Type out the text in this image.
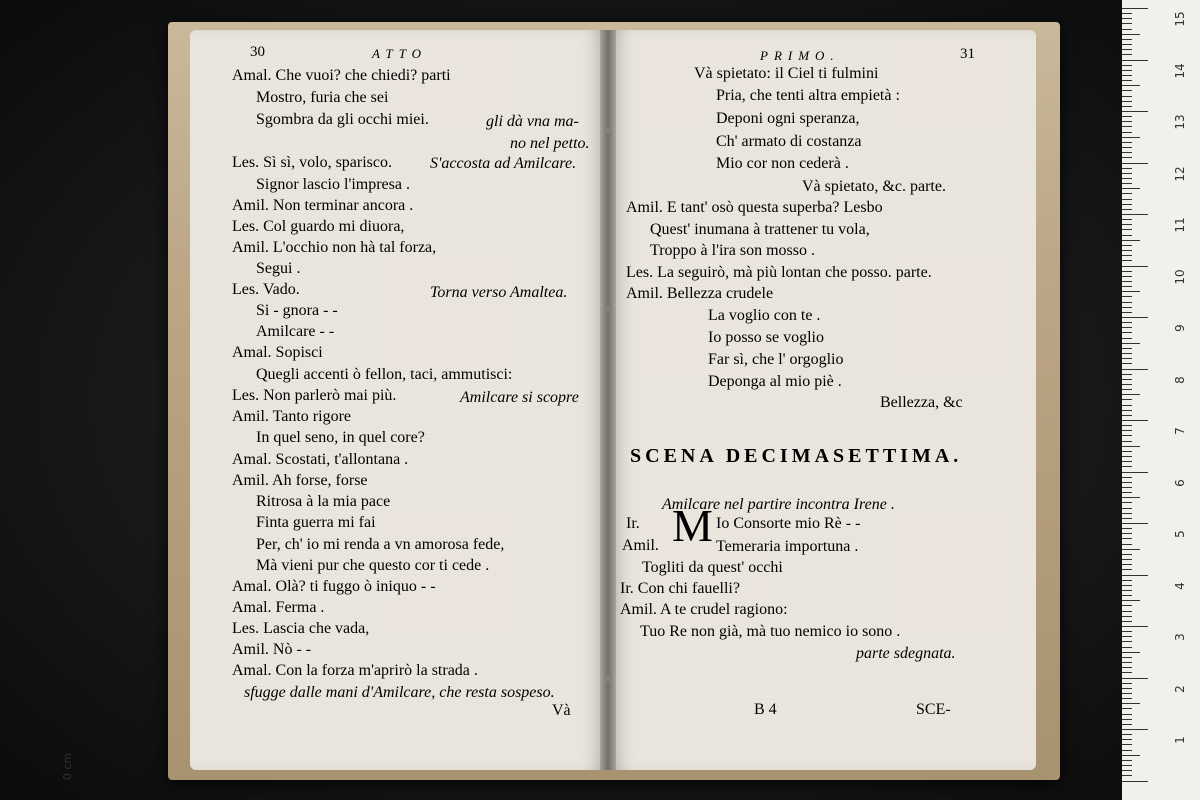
30	ATTO	PRIMO.	31
Amal. Che vuoi? che chiedi? parti
Mostro, furia che sei
Sgombra da gli occhi miei.	gli dà vna ma-
no nel petto.
Les. Sì sì, volo, sparisco. S'accosta ad Amilcare.
Signor lascio l'impresa .
Amil. Non terminar ancora .
Les. Col guardo mi diuora,
Amil. L'occhio non hà tal forza,
Segui .
Les. Vado.	Torna verso Amaltea.
Si - gnora - -
Amilcare - -
Amal. Sopisci
Quegli accenti ò fellon, taci, ammutisci:
Les. Non parlerò mai più.	Amilcare si scopre
Amil. Tanto rigore
In quel seno, in quel core?
Amal. Scostati, t'allontana .
Amil. Ah forse, forse
Ritrosa à la mia pace
Finta guerra mi fai
Per, ch' io mi renda a vn amorosa fede,
Mà vieni pur che questo cor ti cede .
Amal. Olà? ti fuggo ò iniquo - -
Amal. Ferma .
Les. Lascia che vada,
Amil. Nò - -
Amal. Con la forza m'aprirò la strada .
sfugge dalle mani d'Amilcare, che resta sospeso.
Và
Và spietato: il Ciel ti fulmini
Pria, che tenti altra empietà :
Deponi ogni speranza,
Ch' armato di costanza
Mio cor non cederà .
Và spietato, &c. parte.
Amil. E tant' osò questa superba? Lesbo
Quest' inumana à trattener tu vola,
Troppo à l'ira son mosso .
Les. La seguirò, mà più lontan che posso. parte.
Amil. Bellezza crudele
La voglio con te .
Io posso se voglio
Far sì, che l' orgoglio
Deponga al mio piè .
Bellezza, &c
Amilcare nel partire incontra Irene .
Ir.	Io Consorte mio Rè - -
Amil.	Temeraria importuna .
Togliti da quest' occhi
Ir. Con chi fauelli?
Amil. A te crudel ragiono:
Tuo Re non già, mà tuo nemico io sono .
parte sdegnata.
B 4	SCE-
SCENA DECIMASETTIMA.
M
15
14
13
12
11
10
9
8
7
6
5
4
3
2
1
0 cm
